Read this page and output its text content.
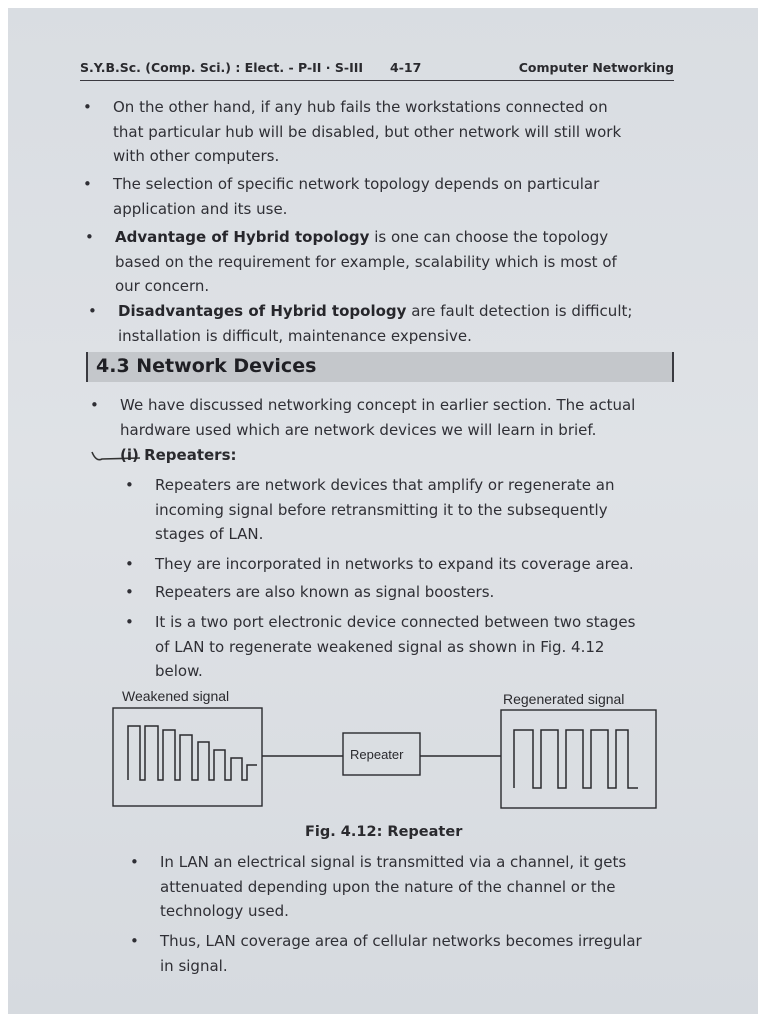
S.Y.B.Sc. (Comp. Sci.) : Elect. - P-II · S-III 4-17	Computer Networking
• On the other hand, if any hub fails the workstations connected on
that particular hub will be disabled, but other network will still work
with other computers.
• The selection of specific network topology depends on particular
application and its use.
• Advantage of Hybrid topology is one can choose the topology
based on the requirement for example, scalability which is most of
our concern.
• Disadvantages of Hybrid topology are fault detection is difficult;
installation is difficult, maintenance expensive.
4.3 Network Devices
• We have discussed networking concept in earlier section. The actual
hardware used which are network devices we will learn in brief.
(i) Repeaters:
• Repeaters are network devices that amplify or regenerate an
incoming signal before retransmitting it to the subsequently
stages of LAN.
• They are incorporated in networks to expand its coverage area.
• Repeaters are also known as signal boosters.
• It is a two port electronic device connected between two stages
of LAN to regenerate weakened signal as shown in Fig. 4.12
below.
Weakened signal	Regenerated signal
Repeater
Fig. 4.12: Repeater
• In LAN an electrical signal is transmitted via a channel, it gets
attenuated depending upon the nature of the channel or the
technology used.
• Thus, LAN coverage area of cellular networks becomes irregular
in signal.
